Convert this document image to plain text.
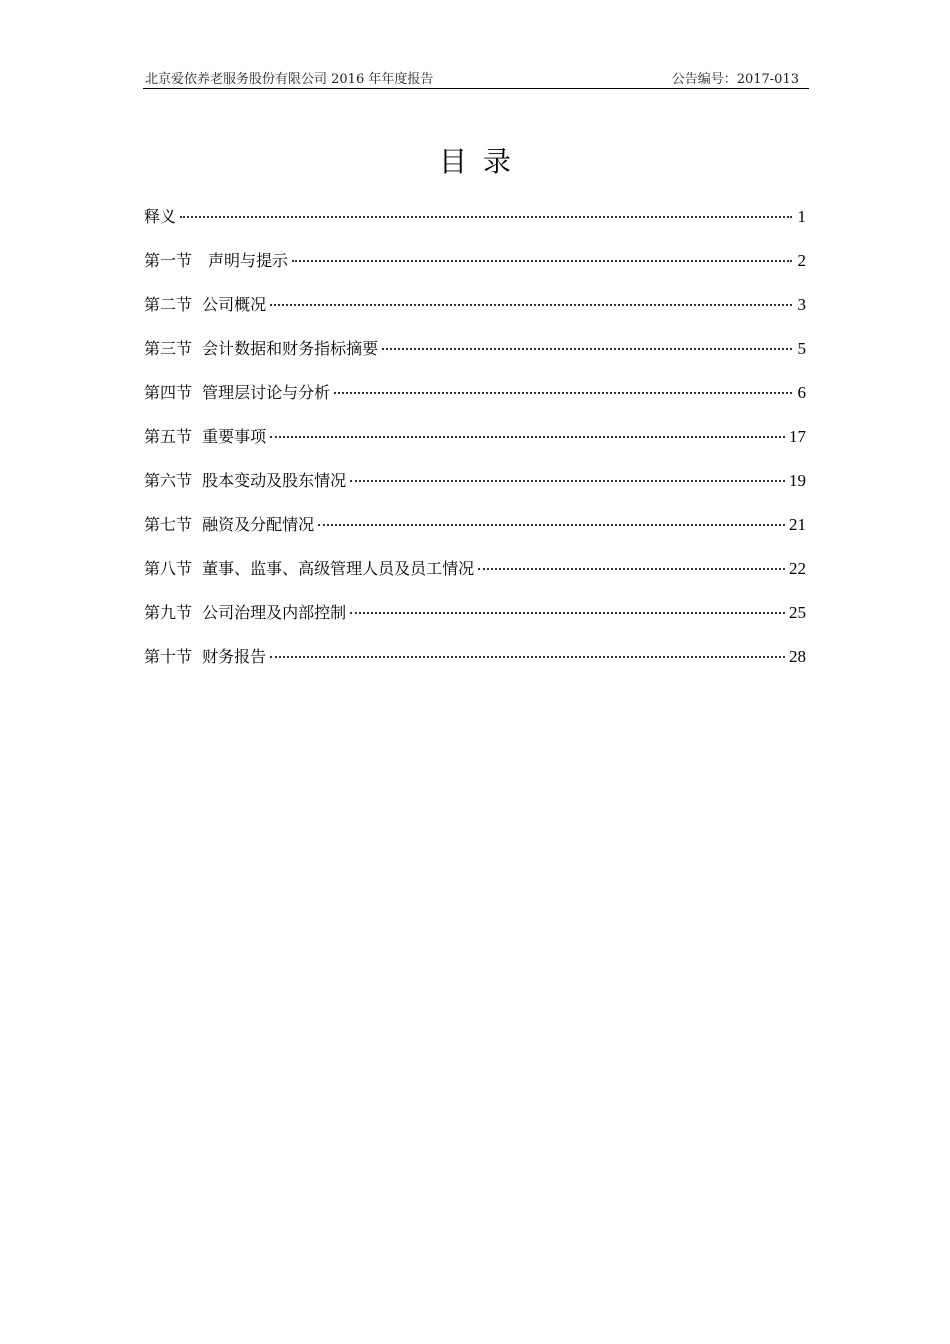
北京爱依养老服务股份有限公司 2016 年年度报告	公告编号：2017-013
目录
释义	1
第一节　声明与提示	2
第二节  公司概况	3
第三节  会计数据和财务指标摘要	5
第四节  管理层讨论与分析	6
第五节  重要事项	17
第六节  股本变动及股东情况	19
第七节  融资及分配情况	21
第八节  董事、监事、高级管理人员及员工情况	22
第九节  公司治理及内部控制	25
第十节  财务报告	28
